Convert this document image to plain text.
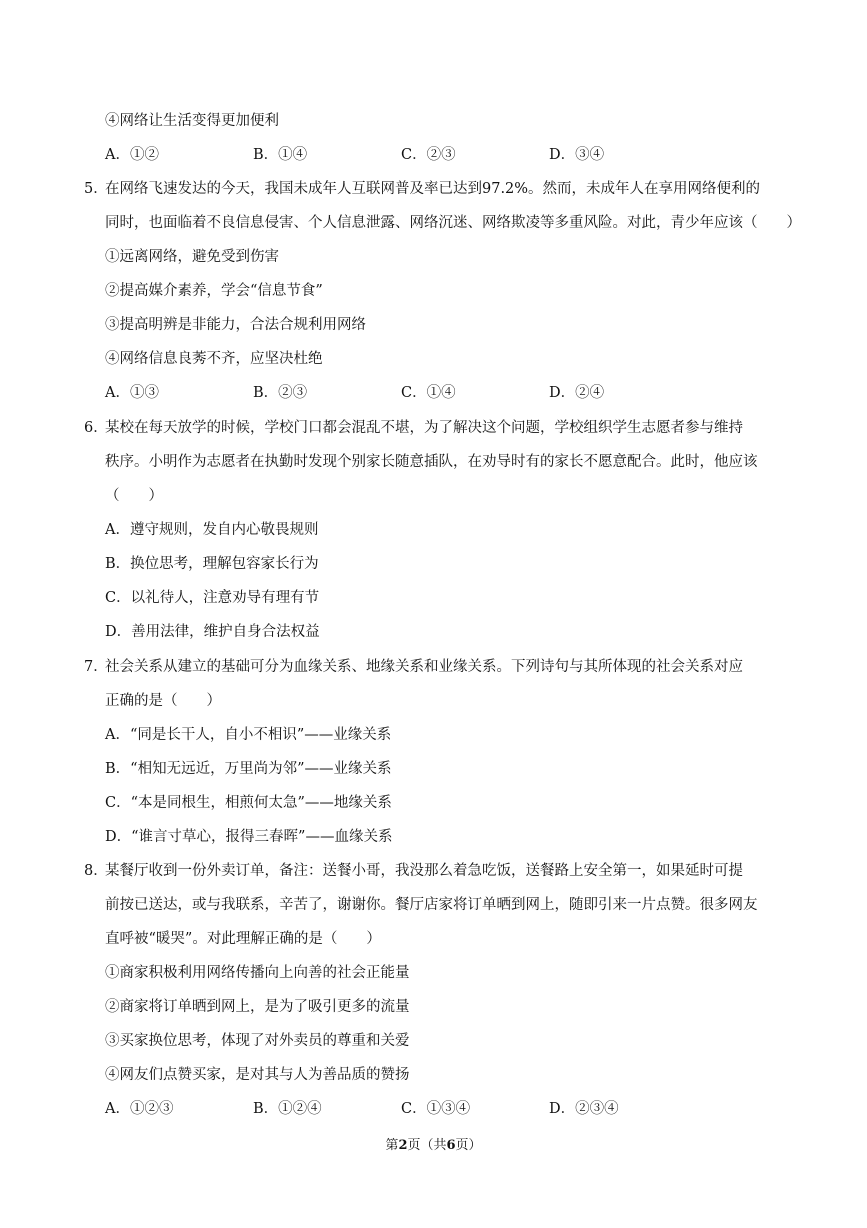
④网络让生活变得更加便利
A．①②	B．①④	C．②③	D．③④
5．在网络飞速发达的今天，我国未成年人互联网普及率已达到97.2%。然而，未成年人在享用网络便利的
同时，也面临着不良信息侵害、个人信息泄露、网络沉迷、网络欺凌等多重风险。对此，青少年应该（　　）
①远离网络，避免受到伤害
②提高媒介素养，学会“信息节食”
③提高明辨是非能力，合法合规利用网络
④网络信息良莠不齐，应坚决杜绝
A．①③	B．②③	C．①④	D．②④
6．某校在每天放学的时候，学校门口都会混乱不堪，为了解决这个问题，学校组织学生志愿者参与维持
秩序。小明作为志愿者在执勤时发现个别家长随意插队，在劝导时有的家长不愿意配合。此时，他应该
（　　）
A．遵守规则，发自内心敬畏规则
B．换位思考，理解包容家长行为
C．以礼待人，注意劝导有理有节
D．善用法律，维护自身合法权益
7．社会关系从建立的基础可分为血缘关系、地缘关系和业缘关系。下列诗句与其所体现的社会关系对应
正确的是（　　）
A．“同是长干人，自小不相识”——业缘关系
B．“相知无远近，万里尚为邻”——业缘关系
C．“本是同根生，相煎何太急”——地缘关系
D．“谁言寸草心，报得三春晖”——血缘关系
8．某餐厅收到一份外卖订单，备注：送餐小哥，我没那么着急吃饭，送餐路上安全第一，如果延时可提
前按已送达，或与我联系，辛苦了，谢谢你。餐厅店家将订单晒到网上，随即引来一片点赞。很多网友
直呼被“暖哭”。对此理解正确的是（　　）
①商家积极利用网络传播向上向善的社会正能量
②商家将订单晒到网上，是为了吸引更多的流量
③买家换位思考，体现了对外卖员的尊重和关爱
④网友们点赞买家，是对其与人为善品质的赞扬
A．①②③	B．①②④	C．①③④	D．②③④
第2页（共6页）
